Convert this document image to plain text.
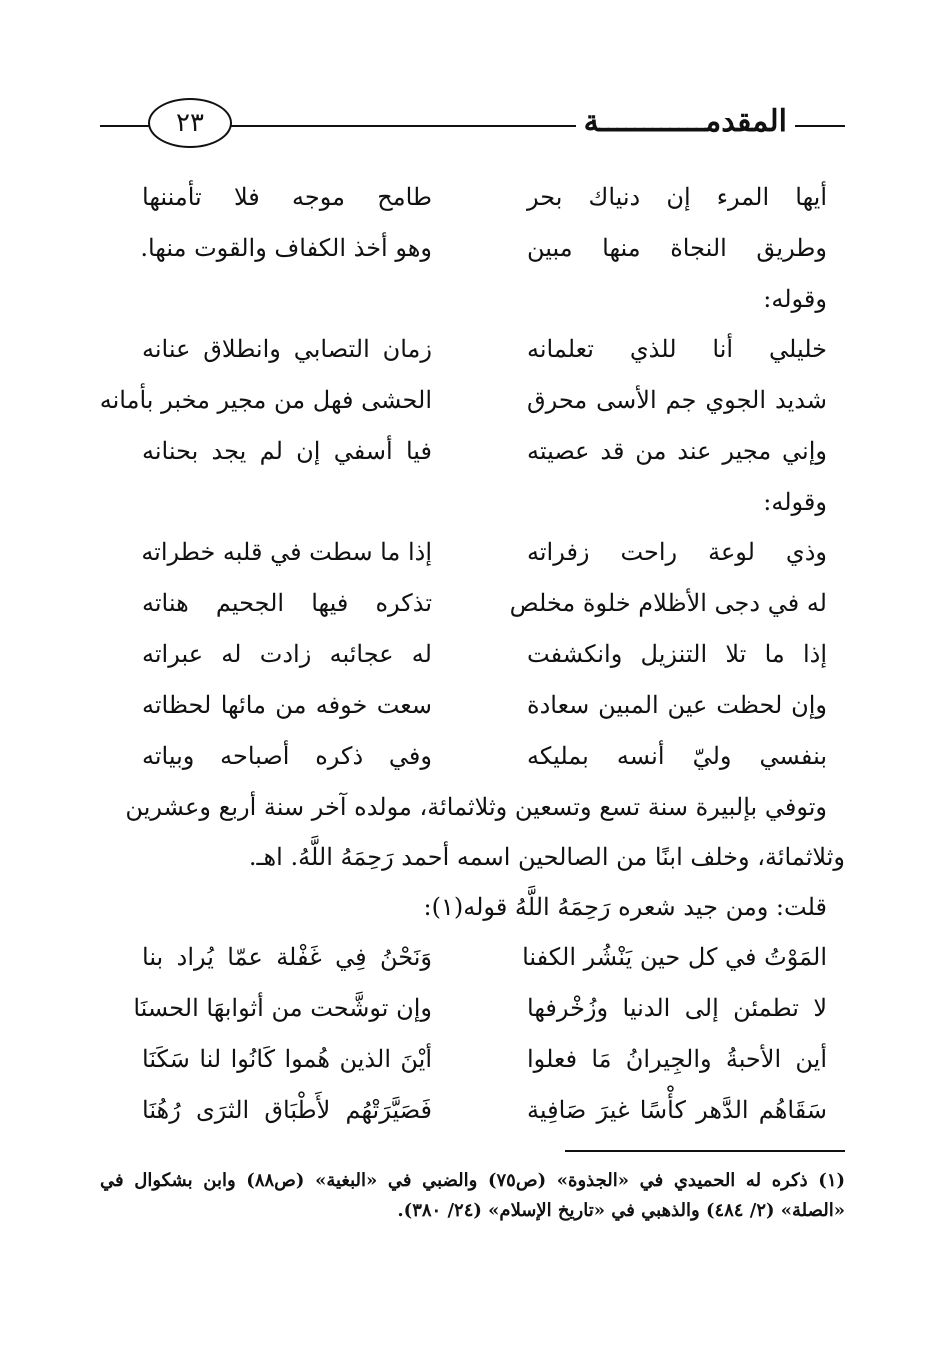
المقدمــــــــــــة
٢٣
أيها المرء إن دنياك بحر
طامح موجه فلا تأمننها
وطريق النجاة منها مبين
وهو أخذ الكفاف والقوت منها.
وقوله:
خليلي أنا للذي تعلمانه
زمان التصابي وانطلاق عنانه
شديد الجوي جم الأسى محرق
الحشى فهل من مجير مخبر بأمانه
وإني مجير عند من قد عصيته
فيا أسفي إن لم يجد بحنانه
وقوله:
وذي لوعة راحت زفراته
إذا ما سطت في قلبه خطراته
له في دجى الأظلام خلوة مخلص
تذكره فيها الجحيم هناته
إذا ما تلا التنزيل وانكشفت
له عجائبه زادت له عبراته
وإن لحظت عين المبين سعادة
سعت خوفه من مائها لحظاته
بنفسي وليّ أنسه بمليكه
وفي ذكره أصباحه وبياته
وتوفي بإلبيرة سنة تسع وتسعين وثلاثمائة، مولده آخر سنة أربع وعشرين
وثلاثمائة، وخلف ابنًا من الصالحين اسمه أحمد رَحِمَهُ اللَّهُ. اهـ.
قلت: ومن جيد شعره رَحِمَهُ اللَّهُ قوله(١):
المَوْتُ في كل حين يَنْشُر الكفنا
وَنَحْنُ فِي غَفْلة عمّا يُراد بنا
لا تطمئن إلى الدنيا وزُخْرفها
وإن توشَّحت من أثوابهَا الحسنَا
أين الأحبةُ والجِيرانُ مَا فعلوا
أيْنَ الذين هُموا كَانُوا لنا سَكَنَا
سَقَاهُم الدَّهر كأْسًا غيرَ صَافِية
فَصَيَّرَتْهُم لأَطْبَاق الثرَى رُهُنَا
(١) ذكره له الحميدي في «الجذوة» (ص٧٥) والضبي في «البغية» (ص٨٨) وابن بشكوال في «الصلة» (٢/ ٤٨٤) والذهبي في «تاريخ الإسلام» (٢٤/ ٣٨٠).
